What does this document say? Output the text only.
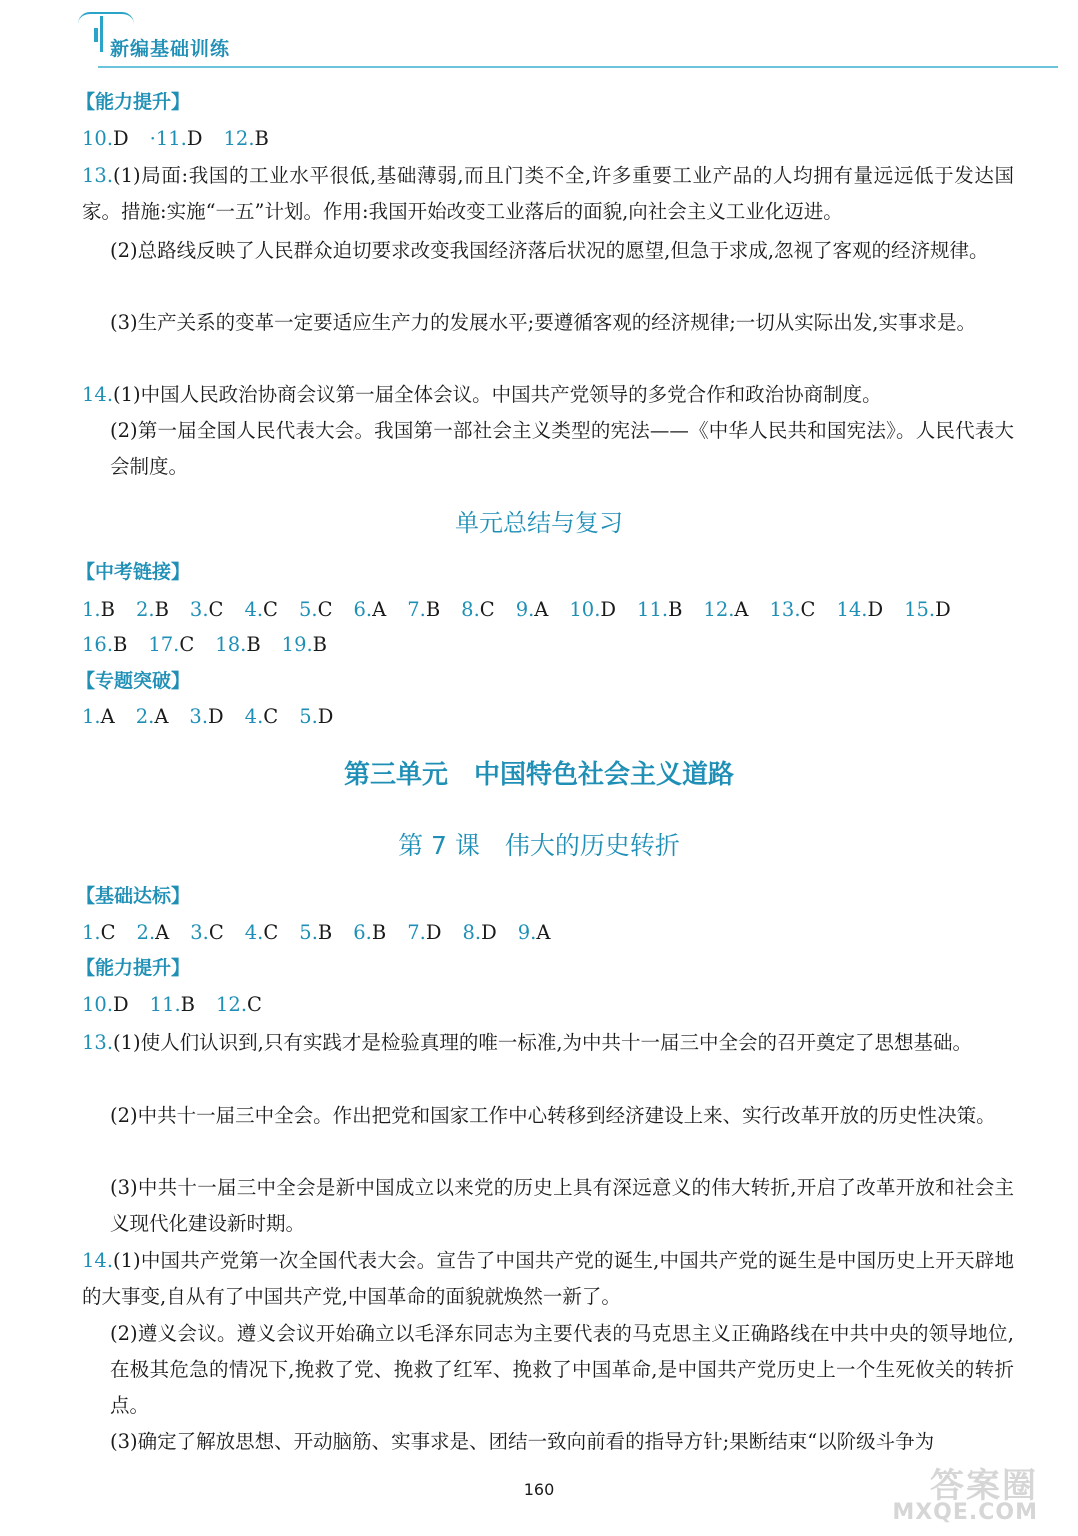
新编基础训练
【能力提升】
10.D ·11.D 12.B
13.(1)局面:我国的工业水平很低,基础薄弱,而且门类不全,许多重要工业产品的人均拥有量远远低于发达国家。措施:实施“一五”计划。作用:我国开始改变工业落后的面貌,向社会主义工业化迈进。
(2)总路线反映了人民群众迫切要求改变我国经济落后状况的愿望,但急于求成,忽视了客观的经济规律。
(3)生产关系的变革一定要适应生产力的发展水平;要遵循客观的经济规律;一切从实际出发,实事求是。
14.(1)中国人民政治协商会议第一届全体会议。中国共产党领导的多党合作和政治协商制度。
(2)第一届全国人民代表大会。我国第一部社会主义类型的宪法——《中华人民共和国宪法》。人民代表大会制度。
单元总结与复习
【中考链接】
1.B 2.B 3.C 4.C 5.C 6.A 7.B 8.C 9.A 10.D 11.B 12.A 13.C 14.D 15.D
16.B 17.C 18.B 19.B
【专题突破】
1.A 2.A 3.D 4.C 5.D
第三单元　中国特色社会主义道路
第 7 课　伟大的历史转折
【基础达标】
1.C 2.A 3.C 4.C 5.B 6.B 7.D 8.D 9.A
【能力提升】
10.D 11.B 12.C
13.(1)使人们认识到,只有实践才是检验真理的唯一标准,为中共十一届三中全会的召开奠定了思想基础。
(2)中共十一届三中全会。作出把党和国家工作中心转移到经济建设上来、实行改革开放的历史性决策。
(3)中共十一届三中全会是新中国成立以来党的历史上具有深远意义的伟大转折,开启了改革开放和社会主义现代化建设新时期。
14.(1)中国共产党第一次全国代表大会。宣告了中国共产党的诞生,中国共产党的诞生是中国历史上开天辟地的大事变,自从有了中国共产党,中国革命的面貌就焕然一新了。
(2)遵义会议。遵义会议开始确立以毛泽东同志为主要代表的马克思主义正确路线在中共中央的领导地位,在极其危急的情况下,挽救了党、挽救了红军、挽救了中国革命,是中国共产党历史上一个生死攸关的转折点。
(3)确定了解放思想、开动脑筋、实事求是、团结一致向前看的指导方针;果断结束“以阶级斗争为
160	答案圈
MXQE.COM
